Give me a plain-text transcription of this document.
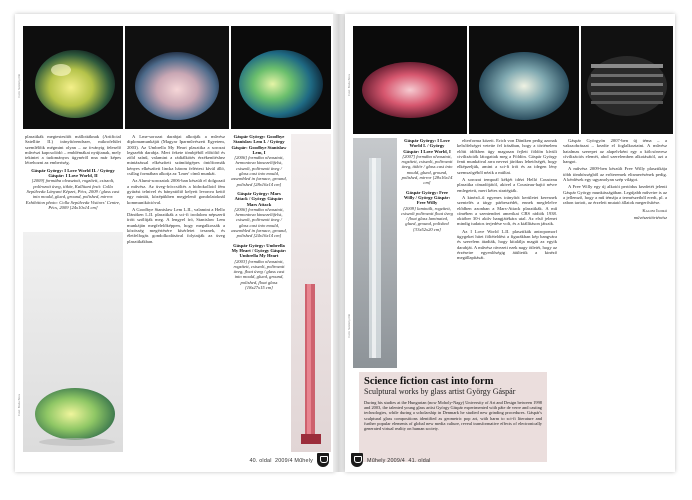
Fotó: Szelényi Ilki

plasztikák megtestesítőt mállottáknak (Artificial Satellite II.) irányítórendszer, mikrofelület szemlélőik mégmint olyan – az írványig feleselő művészi kapcsolódó – emblémákat nyújtanak, mely tekintet a tudományos ügynéről nna már képes létrehozni az emberiség.

Gáspár György: I Love World II. / György Gáspár: I Love World, II
[2009] formába olvasztott, rogzített, csiszolt, polírozott üveg, titkör, Kallitani festi: Colla Sepúlveda Lányani Képzet, Pécs, 2009 / glass cast into mould, glued, ground, polished, mirror. Exhibition photo: Colla Sepúlveda Visitors' Centre, Pécs, 2009 [24x10x14 cm]

A Lme-sorozat darabjai alkotják a művész diplomamunkáját (Magyar Iparművészeti Egyetem, 2003). Az Umbrella My Heart plasztika a sorozat legszebb darabja. Mert fekete tömbjéből előtöltő és zöld színű, valamint a rádiálkötés érzékenítéshez mintázással elkészített számítógépes öntőformák kényes elkészített lincka három felértesi kívül álló, csillag formában alkotja az 'Lmer' című munkát.

Az Alumi-sorozatok 2006-ban készült el dolgozatí a művész. Az üveg-fröccsöltés a hidrokolloid fém gyúrást telnivel és bányatöltő kelyett levonva kettő egy mintát, középükben megjelenő gondolatoknál kommunikációval.

A Goodbye Stanislaw Lem I–II., valamint a Hello Dänöken I–II. plasztikák a sci-fi irodalom népszerű íróit szólítják meg. A lengyel író, Stanislaw Lem munkáján megfelelőképpen, hogy megalkossák a közösség megértésére kísérletet tesznek, és életfelfogás gondolkodásával folytatják az üveg plasztikákban.

Gáspár György: Goodbye Stanislaw Lem I. / György Gáspár: Goodbye Stanislaw Lem, I
[2006] formába olvasztott, hemontova kinsezelőfelst, csiszolt, polírozott üveg / glass cast into mould, assembled in furnace, ground, polished [28x16x14 cm]
Gáspár György: Mars Attack / György Gáspár: Mars Attack
[2006] formába olvasztott, hemontova kinsezelőfelst, csiszolt, polírozott üveg / glass cast into mould, assembled in furnace, ground, polished [24x16x14 cm]
Gáspár György: Umbrella My Heart / György Gáspár: Umbrella My Heart
[2003] formába olvasztott, rogzített, csiszolt, polírozott üveg, float üveg / glass cast into mould, glued, ground, polished, float glass [18x27x15 cm]
Fotó: Boda Bora
40. oldal 2009/4 Műhely
Fotó: Boda Bora
Fotó: Szelényi Ilki
Gáspár György: I Love World I. / György Gáspár: I Love World, I
[2007] formába olvasztott, rogzített, csiszolt, polírozott üveg, titkör / glass cast into mould, glued, ground, polished, mirror [28x16x14 cm]
Gáspár György: Free Willy / György Gáspár: Free Willy
[2009] laminált, rogzített, csiszolt polírozott float üveg / float glass laminated, glued, ground, polished [33x52x20 cm]

elterforma közeit. Erich von Däniken pedig azonak kelsőfelséget vetette fel írásában, hogy a történelem előtti időkben ügy magasan fejlett földön kívüli civilizációk látogattak meg a Földön. Gáspár György fenti munkáival arra nevezi járókus lehetőségét, hogy elképzeljük, amint a sci-fi írói és az idegen lény szemszögéből nézik a múltat.

A sorozat tempoál kékjét idézi Helló Cousteau plasztika címadójától, akivel a Cousteau-hajtó névre emlegetett, mert kétes stratégiák.

A kinéző–ű egyenes irányítót kerületet keresnek szentelés a tárgy párbeszédét, ennek megfelelve elődben azonban a Mars-Attack plasztikák. A mű címében a szentendrei amerikai CBS rádiók 1938. október 30-i aktív hangjátékára utal. Az első jelenet mindig tudatos terjedése volt, és a kiállításon játszik.

Az I Love World I–II. plasztikák antropomorf ügygeket hitet föltételdést a figurákban kép bangvára és szerelem átadták, hogy kitalálja magát az egyik darabját. A művész rávezeti ezek nagy ötletét, hogy az érzéseire egyenlőségig átültetik a kinéző megállapítását.

Gáspár Györgyön 2007-ben új téma – a vakszobrászat – kezdte el foglalkoztatni. A művész hatalmas szerepet az alapelvként egy a kölcsönvesz cívilizációs elemét, ahol szerelemben alkotásától, azt a hangot.

A művész 2009-ben készült Free Willy plasztikája több tömbösségből az erőteremek elismerésének pedig. A kérdések egy ugyanolyan szép világot.

A Free Willy egy új alkotói periódus kezdetét jelenti Gáspár György munkásságában. Legújabb műveire is az a jellemző, hogy a mű témája a természetből eredt, pl. a rabon tartott, az érzeleit mutató állatok megerősítése.

Kaloni Ildikó
művészettörténész
Science fiction cast into form
Sculptural works by glass artist György Gáspár
During his studies at the Hungarian (now Moholy-Nagy) University of Art and Design between 1998 and 2003, the talented young glass artist György Gáspár experimented with pâte de verre and casting technologies, while during a scholarship in Denmark he studied new grinding procedures. Gáspár's sculptural glass compositions identified as geometric pop art, with harm to sci-fi literature and further popular elements of global new media culture, reveal transformative effects of electronically generated virtual reality on human society.
Műhely 2009/4 41. oldal
